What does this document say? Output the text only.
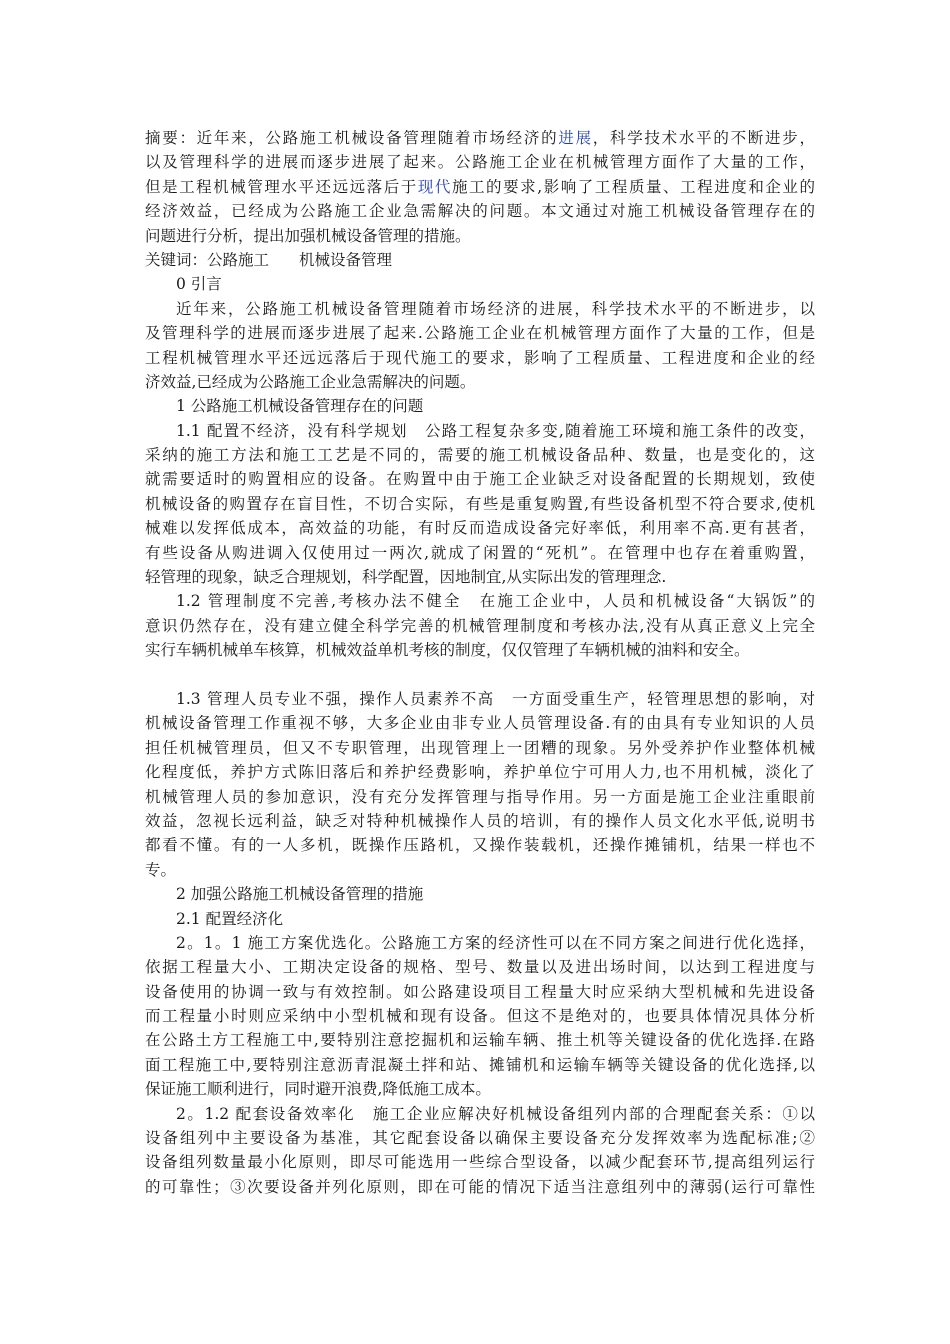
摘要：近年来，公路施工机械设备管理随着市场经济的进展，科学技术水平的不断进步，
以及管理科学的进展而逐步进展了起来。公路施工企业在机械管理方面作了大量的工作，
但是工程机械管理水平还远远落后于现代施工的要求,影响了工程质量、工程进度和企业的
经济效益，已经成为公路施工企业急需解决的问题。本文通过对施工机械设备管理存在的
问题进行分析，提出加强机械设备管理的措施。
关键词：公路施工 机械设备管理
0 引言
近年来，公路施工机械设备管理随着市场经济的进展，科学技术水平的不断进步，以
及管理科学的进展而逐步进展了起来.公路施工企业在机械管理方面作了大量的工作，但是
工程机械管理水平还远远落后于现代施工的要求，影响了工程质量、工程进度和企业的经
济效益,已经成为公路施工企业急需解决的问题。
1 公路施工机械设备管理存在的问题
1.1 配置不经济，没有科学规划 公路工程复杂多变,随着施工环境和施工条件的改变，
采纳的施工方法和施工工艺是不同的，需要的施工机械设备品种、数量，也是变化的，这
就需要适时的购置相应的设备。在购置中由于施工企业缺乏对设备配置的长期规划，致使
机械设备的购置存在盲目性，不切合实际，有些是重复购置,有些设备机型不符合要求,使机
械难以发挥低成本，高效益的功能，有时反而造成设备完好率低，利用率不高.更有甚者，
有些设备从购进调入仅使用过一两次,就成了闲置的“死机”。在管理中也存在着重购置，
轻管理的现象，缺乏合理规划，科学配置，因地制宜,从实际出发的管理理念.
1.2 管理制度不完善,考核办法不健全 在施工企业中，人员和机械设备“大锅饭”的
意识仍然存在，没有建立健全科学完善的机械管理制度和考核办法,没有从真正意义上完全
实行车辆机械单车核算，机械效益单机考核的制度，仅仅管理了车辆机械的油料和安全。
1.3 管理人员专业不强，操作人员素养不高 一方面受重生产，轻管理思想的影响，对
机械设备管理工作重视不够，大多企业由非专业人员管理设备.有的由具有专业知识的人员
担任机械管理员，但又不专职管理，出现管理上一团糟的现象。另外受养护作业整体机械
化程度低，养护方式陈旧落后和养护经费影响，养护单位宁可用人力,也不用机械，淡化了
机械管理人员的参加意识，没有充分发挥管理与指导作用。另一方面是施工企业注重眼前
效益，忽视长远利益，缺乏对特种机械操作人员的培训，有的操作人员文化水平低,说明书
都看不懂。有的一人多机，既操作压路机，又操作装载机，还操作摊铺机，结果一样也不
专。
2 加强公路施工机械设备管理的措施
2.1 配置经济化
2。1。1 施工方案优选化。公路施工方案的经济性可以在不同方案之间进行优化选择，
依据工程量大小、工期决定设备的规格、型号、数量以及进出场时间，以达到工程进度与
设备使用的协调一致与有效控制。如公路建设项目工程量大时应采纳大型机械和先进设备
而工程量小时则应采纳中小型机械和现有设备。但这不是绝对的，也要具体情况具体分析
在公路土方工程施工中,要特别注意挖掘机和运输车辆、推土机等关键设备的优化选择.在路
面工程施工中,要特别注意沥青混凝土拌和站、摊铺机和运输车辆等关键设备的优化选择,以
保证施工顺利进行，同时避开浪费,降低施工成本。
2。1.2 配套设备效率化 施工企业应解决好机械设备组列内部的合理配套关系：①以
设备组列中主要设备为基准，其它配套设备以确保主要设备充分发挥效率为选配标准;②
设备组列数量最小化原则，即尽可能选用一些综合型设备，以减少配套环节,提高组列运行
的可靠性；③次要设备并列化原则，即在可能的情况下适当注意组列中的薄弱(运行可靠性
